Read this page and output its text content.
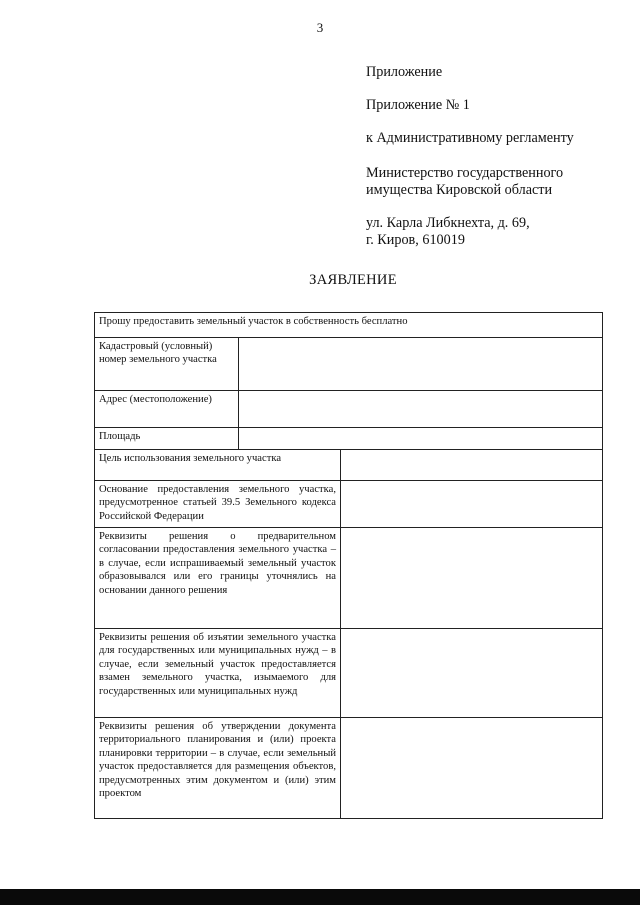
3

Приложение

Приложение № 1

к Административному регламенту

Министерство государственного

имущества Кировской области

ул. Карла Либкнехта, д. 69,

г. Киров, 610019

ЗАЯВЛЕНИЕ
Прошу предоставить земельный участок в собственность бесплатно		
Кадастровый (условный) номер земельного участка		
Адрес (местоположение)		
Площадь		
Цель использования земельного участка		
Основание предоставления земельного участка, предусмотренное статьей 39.5 Земельного кодекса Российской Федерации		
Реквизиты решения о предварительном согласовании предоставления земельного участка – в случае, если испрашиваемый земельный участок образовывался или его границы уточнялись на основании данного решения		
Реквизиты решения об изъятии земельного участка для государственных или муниципальных нужд – в случае, если земельный участок предоставляется взамен земельного участка, изымаемого для государственных или муниципальных нужд		
Реквизиты решения об утверждении документа территориального планирования и (или) проекта планировки территории – в случае, если земельный участок предоставляется для размещения объектов, предусмотренных этим документом и (или) этим проектом		
